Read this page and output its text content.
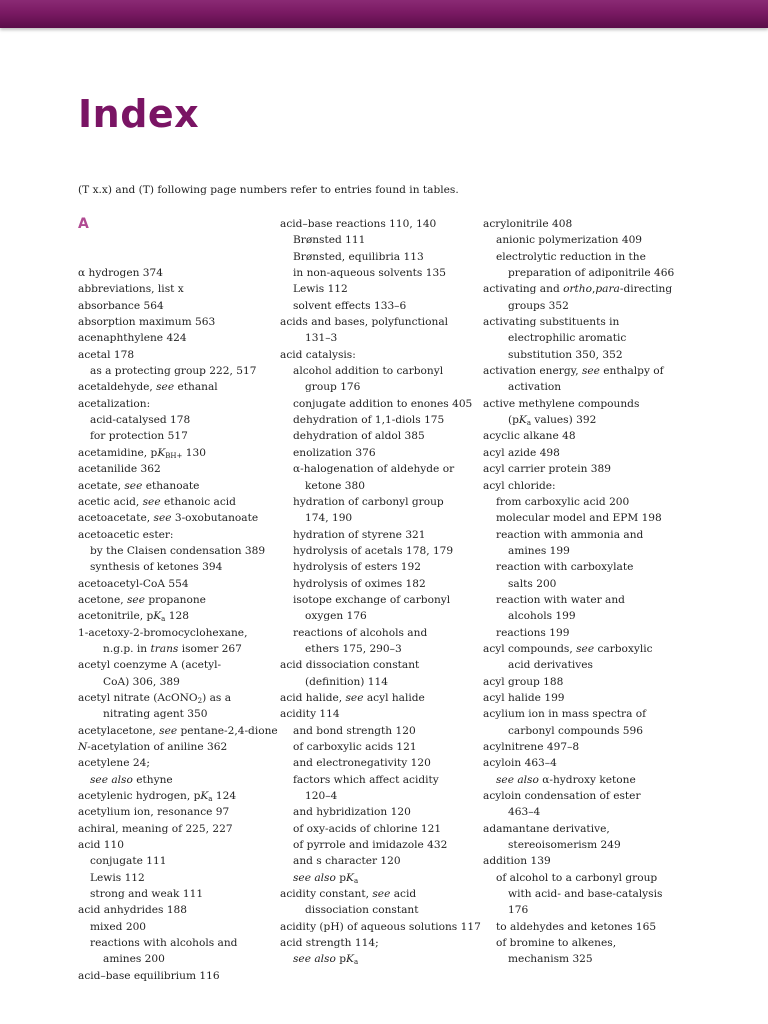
Index

(T x.x) and (T) following page numbers refer to entries found in tables.

A
α hydrogen 374
abbreviations, list x
absorbance 564
absorption maximum 563
acenaphthylene 424
acetal 178
as a protecting group 222, 517
acetaldehyde, see ethanal
acetalization:
acid-catalysed 178
for protection 517
acetamidine, $pK_{BH+}$ 130
acetanilide 362
acetate, see ethanoate
acetic acid, see ethanoic acid
acetoacetate, see 3-oxobutanoate
acetoacetic ester:
by the Claisen condensation 389
synthesis of ketones 394
acetoacetyl-CoA 554
acetone, see propanone
acetonitrile, $pK_a$ 128
1-acetoxy-2-bromocyclohexane,
n.g.p. in trans isomer 267
acetyl coenzyme A (acetyl-
CoA) 306, 389
acetyl nitrate (AcONO$_2$) as a
nitrating agent 350
acetylacetone, see pentane-2,4-dione
N-acetylation of aniline 362
acetylene 24;
see also ethyne
acetylenic hydrogen, $pK_a$ 124
acetylium ion, resonance 97
achiral, meaning of 225, 227
acid 110
conjugate 111
Lewis 112
strong and weak 111
acid anhydrides 188
mixed 200
reactions with alcohols and
amines 200
acid–base equilibrium 116
acid–base reactions 110, 140
Brønsted 111
Brønsted, equilibria 113
in non-aqueous solvents 135
Lewis 112
solvent effects 133–6
acids and bases, polyfunctional
131–3
acid catalysis:
alcohol addition to carbonyl
group 176
conjugate addition to enones 405
dehydration of 1,1-diols 175
dehydration of aldol 385
enolization 376
α-halogenation of aldehyde or
ketone 380
hydration of carbonyl group
174, 190
hydration of styrene 321
hydrolysis of acetals 178, 179
hydrolysis of esters 192
hydrolysis of oximes 182
isotope exchange of carbonyl
oxygen 176
reactions of alcohols and
ethers 175, 290–3
acid dissociation constant
(definition) 114
acid halide, see acyl halide
acidity 114
and bond strength 120
of carboxylic acids 121
and electronegativity 120
factors which affect acidity
120–4
and hybridization 120
of oxy-acids of chlorine 121
of pyrrole and imidazole 432
and s character 120
see also $pK_a$
acidity constant, see acid
dissociation constant
acidity (pH) of aqueous solutions 117
acid strength 114;
see also $pK_a$
acrylonitrile 408
anionic polymerization 409
electrolytic reduction in the
preparation of adiponitrile 466
activating and ortho,para-directing
groups 352
activating substituents in
electrophilic aromatic
substitution 350, 352
activation energy, see enthalpy of
activation
active methylene compounds
($pK_a$ values) 392
acyclic alkane 48
acyl azide 498
acyl carrier protein 389
acyl chloride:
from carboxylic acid 200
molecular model and EPM 198
reaction with ammonia and
amines 199
reaction with carboxylate
salts 200
reaction with water and
alcohols 199
reactions 199
acyl compounds, see carboxylic
acid derivatives
acyl group 188
acyl halide 199
acylium ion in mass spectra of
carbonyl compounds 596
acylnitrene 497–8
acyloin 463–4
see also α-hydroxy ketone
acyloin condensation of ester
463–4
adamantane derivative,
stereoisomerism 249
addition 139
of alcohol to a carbonyl group
with acid- and base-catalysis
176
to aldehydes and ketones 165
of bromine to alkenes,
mechanism 325
